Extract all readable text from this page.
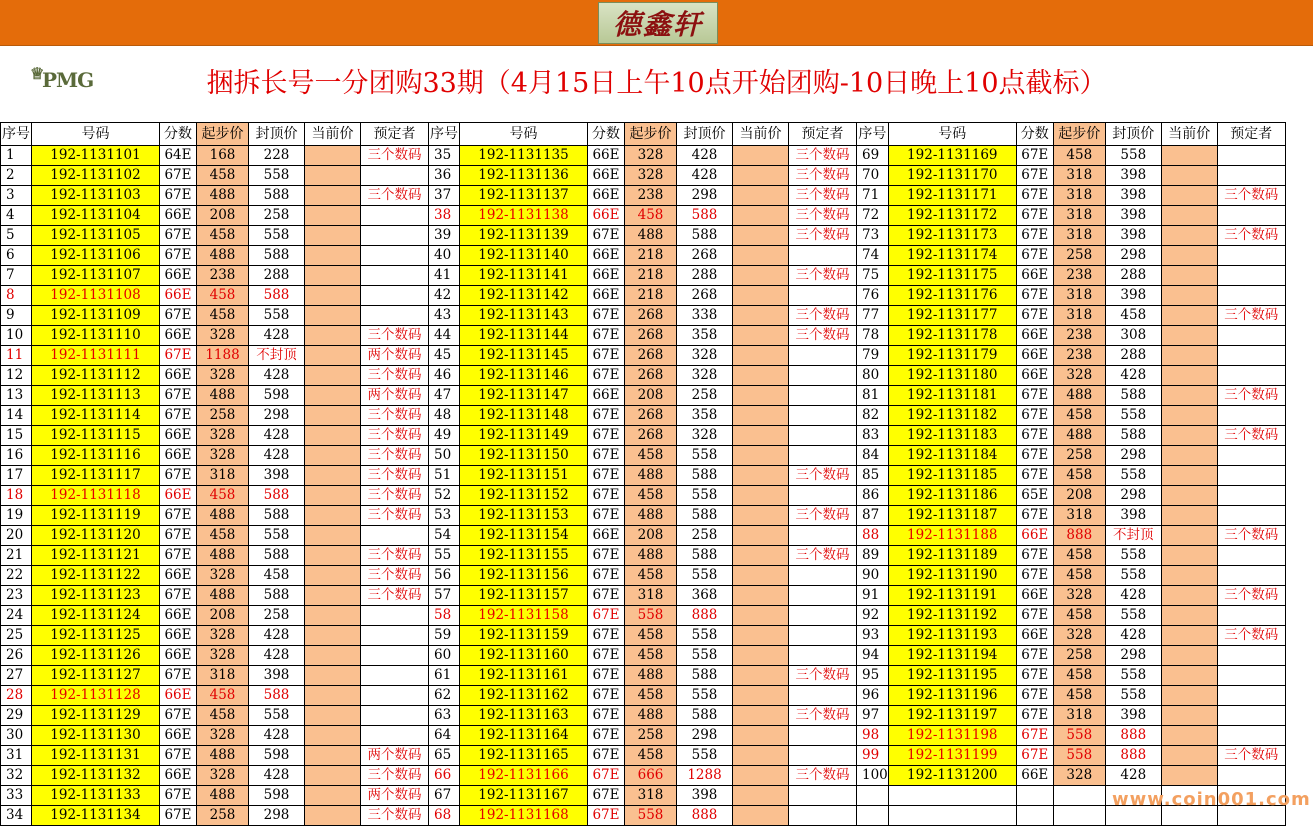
德鑫轩
♕
PMG	捆拆长号一分团购33期（4月15日上午10点开始团购-10日晚上10点截标）
序号	号码	分数	起步价	封顶价	当前价	预定者	序号	号码	分数	起步价	封顶价	当前价	预定者	序号	号码	分数	起步价	封顶价	当前价	预定者
1	192-1131101	64E	168	228		三个数码	35	192-1131135	66E	328	428		三个数码	69	192-1131169	67E	458	558		
2	192-1131102	67E	458	558			36	192-1131136	66E	328	428		三个数码	70	192-1131170	67E	318	398		
3	192-1131103	67E	488	588		三个数码	37	192-1131137	66E	238	298		三个数码	71	192-1131171	67E	318	398		三个数码
4	192-1131104	66E	208	258			38	192-1131138	66E	458	588		三个数码	72	192-1131172	67E	318	398		
5	192-1131105	67E	458	558			39	192-1131139	67E	488	588		三个数码	73	192-1131173	67E	318	398		三个数码
6	192-1131106	67E	488	588			40	192-1131140	66E	218	268			74	192-1131174	67E	258	298		
7	192-1131107	66E	238	288			41	192-1131141	66E	218	288		三个数码	75	192-1131175	66E	238	288		
8	192-1131108	66E	458	588			42	192-1131142	66E	218	268			76	192-1131176	67E	318	398		
9	192-1131109	67E	458	558			43	192-1131143	67E	268	338		三个数码	77	192-1131177	67E	318	458		三个数码
10	192-1131110	66E	328	428		三个数码	44	192-1131144	67E	268	358		三个数码	78	192-1131178	66E	238	308		
11	192-1131111	67E	1188	不封顶		两个数码	45	192-1131145	67E	268	328			79	192-1131179	66E	238	288		
12	192-1131112	66E	328	428		三个数码	46	192-1131146	67E	268	328			80	192-1131180	66E	328	428		
13	192-1131113	67E	488	598		两个数码	47	192-1131147	66E	208	258			81	192-1131181	67E	488	588		三个数码
14	192-1131114	67E	258	298		三个数码	48	192-1131148	67E	268	358			82	192-1131182	67E	458	558		
15	192-1131115	66E	328	428		三个数码	49	192-1131149	67E	268	328			83	192-1131183	67E	488	588		三个数码
16	192-1131116	66E	328	428		三个数码	50	192-1131150	67E	458	558			84	192-1131184	67E	258	298		
17	192-1131117	67E	318	398		三个数码	51	192-1131151	67E	488	588		三个数码	85	192-1131185	67E	458	558		
18	192-1131118	66E	458	588		三个数码	52	192-1131152	67E	458	558			86	192-1131186	65E	208	298		
19	192-1131119	67E	488	588		三个数码	53	192-1131153	67E	488	588		三个数码	87	192-1131187	67E	318	398		
20	192-1131120	67E	458	558			54	192-1131154	66E	208	258			88	192-1131188	66E	888	不封顶		三个数码
21	192-1131121	67E	488	588		三个数码	55	192-1131155	67E	488	588		三个数码	89	192-1131189	67E	458	558		
22	192-1131122	66E	328	458		三个数码	56	192-1131156	67E	458	558			90	192-1131190	67E	458	558		
23	192-1131123	67E	488	588		三个数码	57	192-1131157	67E	318	368			91	192-1131191	66E	328	428		三个数码
24	192-1131124	66E	208	258			58	192-1131158	67E	558	888			92	192-1131192	67E	458	558		
25	192-1131125	66E	328	428			59	192-1131159	67E	458	558			93	192-1131193	66E	328	428		三个数码
26	192-1131126	66E	328	428			60	192-1131160	67E	458	558			94	192-1131194	67E	258	298		
27	192-1131127	67E	318	398			61	192-1131161	67E	488	588		三个数码	95	192-1131195	67E	458	558		
28	192-1131128	66E	458	588			62	192-1131162	67E	458	558			96	192-1131196	67E	458	558		
29	192-1131129	67E	458	558			63	192-1131163	67E	488	588		三个数码	97	192-1131197	67E	318	398		
30	192-1131130	66E	328	428			64	192-1131164	67E	258	298			98	192-1131198	67E	558	888		
31	192-1131131	67E	488	598		两个数码	65	192-1131165	67E	458	558			99	192-1131199	67E	558	888		三个数码
32	192-1131132	66E	328	428		三个数码	66	192-1131166	67E	666	1288		三个数码	100	192-1131200	66E	328	428		
33	192-1131133	67E	488	598		两个数码	67	192-1131167	67E	318	398									
34	192-1131134	67E	258	298		三个数码	68	192-1131168	67E	558	888									
www.coin001.com
